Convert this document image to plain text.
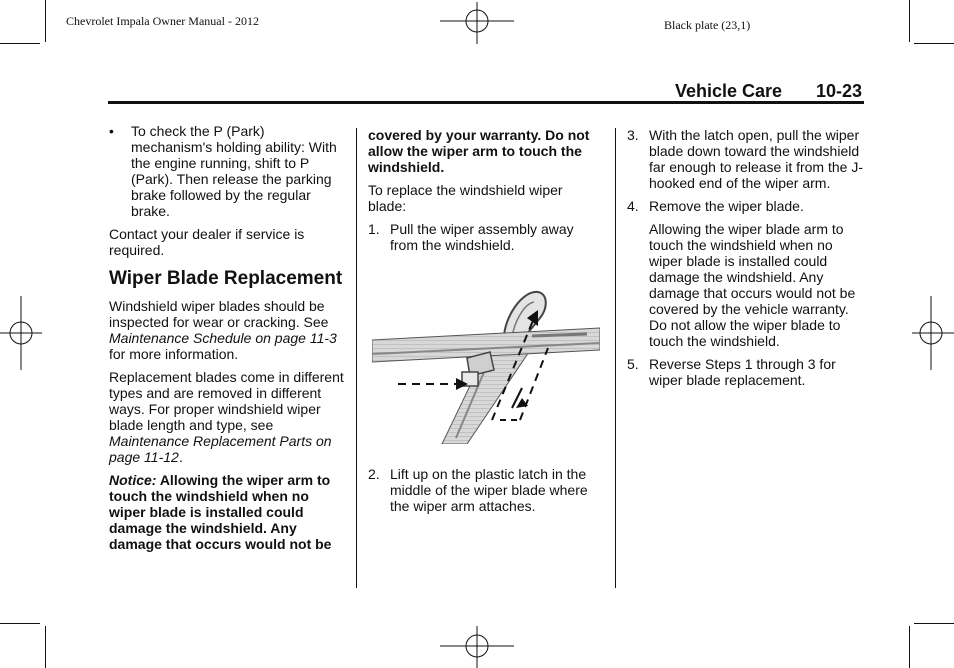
Chevrolet Impala Owner Manual - 2012	Black plate (23,1)
Vehicle Care 10-23
• To check the P (Park) mechanism's holding ability: With the engine running, shift to P (Park). Then release the parking brake followed by the regular brake.

Contact your dealer if service is required.

Wiper Blade Replacement

Windshield wiper blades should be inspected for wear or cracking. See Maintenance Schedule on page 11-3 for more information.

Replacement blades come in different types and are removed in different ways. For proper windshield wiper blade length and type, see Maintenance Replacement Parts on page 11-12.

Notice: Allowing the wiper arm to touch the windshield when no wiper blade is installed could damage the windshield. Any damage that occurs would not be

covered by your warranty. Do not allow the wiper arm to touch the windshield.

To replace the windshield wiper blade:

1. Pull the wiper assembly away from the windshield.
2. Lift up on the plastic latch in the middle of the wiper blade where the wiper arm attaches.
3. With the latch open, pull the wiper blade down toward the windshield far enough to release it from the J-hooked end of the wiper arm.
4. Remove the wiper blade.

Allowing the wiper blade arm to touch the windshield when no wiper blade is installed could damage the windshield. Any damage that occurs would not be covered by the vehicle warranty. Do not allow the wiper blade to touch the windshield.

5. Reverse Steps 1 through 3 for wiper blade replacement.
